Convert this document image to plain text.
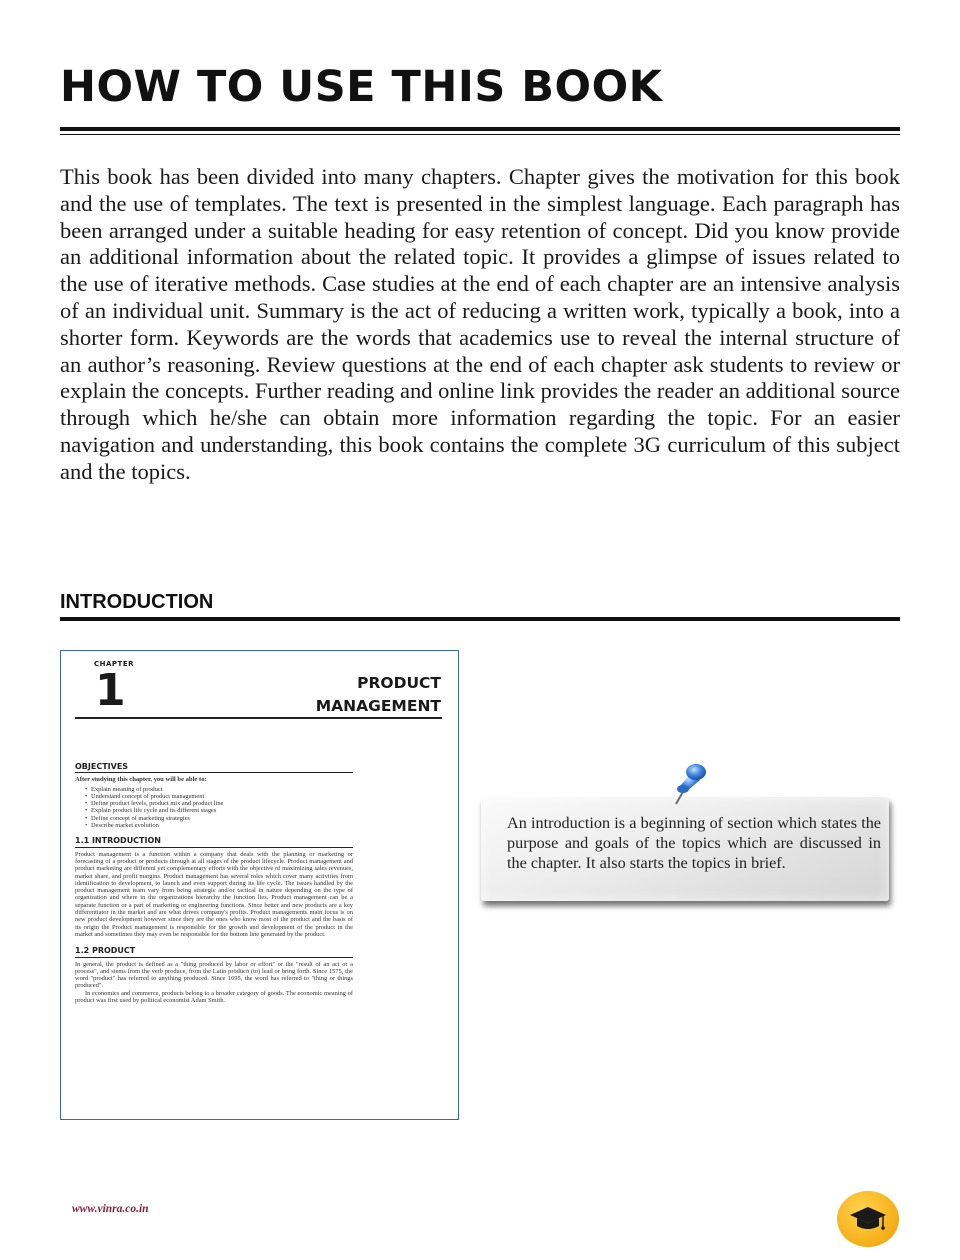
HOW TO USE THIS BOOK

This book has been divided into many chapters. Chapter gives the motivation for this book and the use of templates. The text is presented in the simplest language. Each paragraph has been arranged under a suitable heading for easy retention of concept. Did you know provide an additional information about the related topic. It provides a glimpse of issues related to the use of iterative methods. Case studies at the end of each chapter are an intensive analysis of an individual unit. Summary is the act of reducing a written work, typically a book, into a shorter form. Keywords are the words that academics use to reveal the internal structure of an author’s reasoning. Review questions at the end of each chapter ask students to review or explain the concepts. Further reading and online link provides the reader an additional source through which he/she can obtain more information regarding the topic. For an easier navigation and understanding, this book contains the complete 3G curriculum of this subject and the topics.

INTRODUCTION
CHAPTER
1	PRODUCT
MANAGEMENT
OBJECTIVES
After studying this chapter, you will be able to:
• Explain meaning of product
• Understand concept of product management
• Define product levels, product mix and product line
• Explain product life cycle and its different stages
• Define concept of marketing strategies
• Describe market evolution
1.1 INTRODUCTION

Product management is a function within a company that deals with the planning or marketing or forecasting of a product or products through at all stages of the product lifecycle. Product management and product marketing are different yet complementary efforts with the objective of maximizing sales revenues, market share, and profit margins. Product management has several roles which cover many activities from identification to development, to launch and even support during its life cycle. The issues handled by the product management team vary from being strategic and/or tactical in nature depending on the type of organization and where in the organizations hierarchy the function lies. Product management can be a separate function or a part of marketing or engineering functions. Since better and new products are a key differentiator in the market and are what drives company's profits. Product managements main focus is on new product development however since they are the ones who know most of the product and the basis of its origin the Product management is responsible for the growth and development of the product in the market and sometimes they may even be responsible for the bottom line generated by the product.

1.2 PRODUCT

In general, the product is defined as a "thing produced by labor or effort" or the "result of an act or a process", and stems from the verb produce, from the Latin prōdūcō (to) lead or bring forth. Since 1575, the word "product" has referred to anything produced. Since 1695, the word has referred to "thing or things produced".

In economics and commerce, products belong to a broader category of goods. The economic meaning of product was first used by political economist Adam Smith.

An introduction is a beginning of section which states the purpose and goals of the topics which are discussed in the chapter. It also starts the topics in brief.

www.vinra.co.in
